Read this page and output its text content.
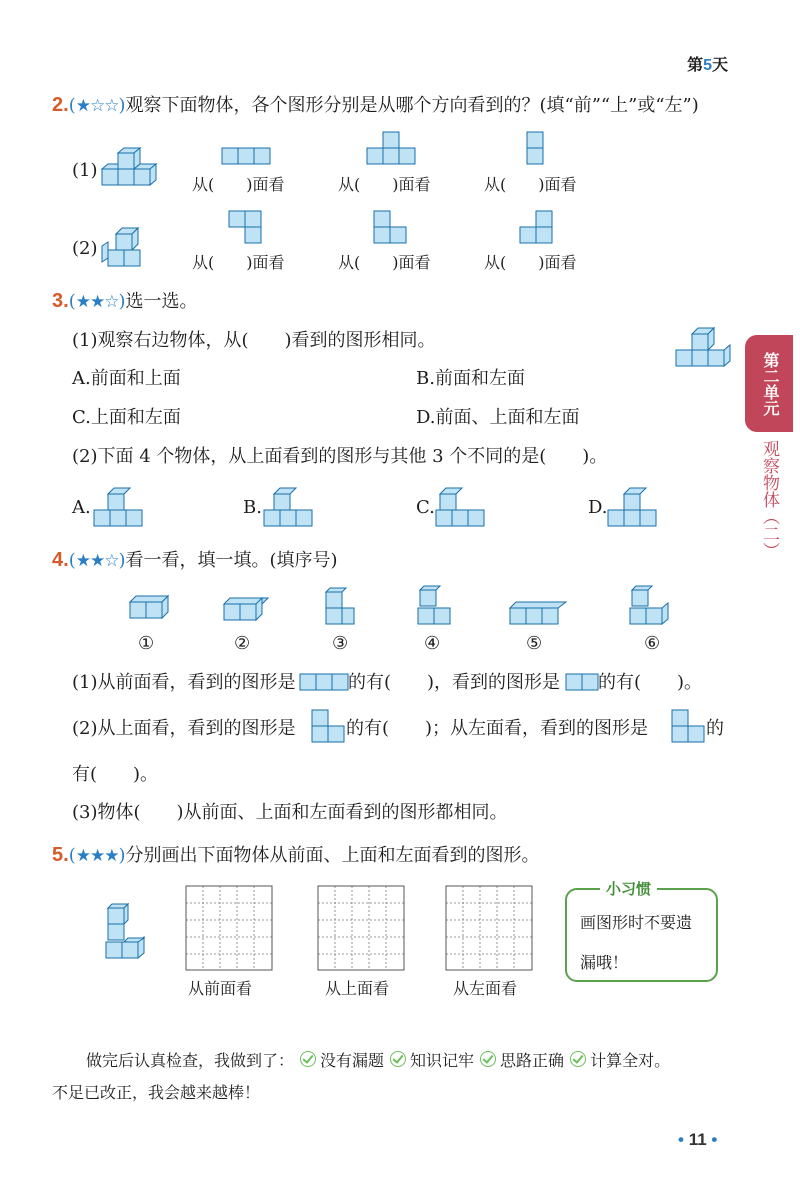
第5天
第二单元
观察物体（二）
2.(★☆☆)观察下面物体，各个图形分别是从哪个方向看到的？(填“前”“上”或“左”)
(1)
(2)
从(　　)面看	从(　　)面看	从(　　)面看
从(　　)面看	从(　　)面看	从(　　)面看
3.(★★☆)选一选。
(1)观察右边物体，从(　　)看到的图形相同。
A.前面和上面	B.前面和左面
C.上面和左面	D.前面、上面和左面
(2)下面 4 个物体，从上面看到的图形与其他 3 个不同的是(　　)。
A.	B.	C.	D.
4.(★★☆)看一看，填一填。(填序号)
①	②	③	④	⑤	⑥
(1)从前面看，看到的图形是	的有(　　)，看到的图形是 的有(　　)。
(2)从上面看，看到的图形是	的有(　　)；从左面看，看到的图形是	的
有(　　)。
(3)物体(　　)从前面、上面和左面看到的图形都相同。
5.(★★★)分别画出下面物体从前面、上面和左面看到的图形。
从前面看	从上面看	从左面看
小习惯
画图形时不要遗
漏哦！
做完后认真检查，我做到了： 没有漏题 知识记牢 思路正确 计算全对。
不足已改正，我会越来越棒！
• 11 •
